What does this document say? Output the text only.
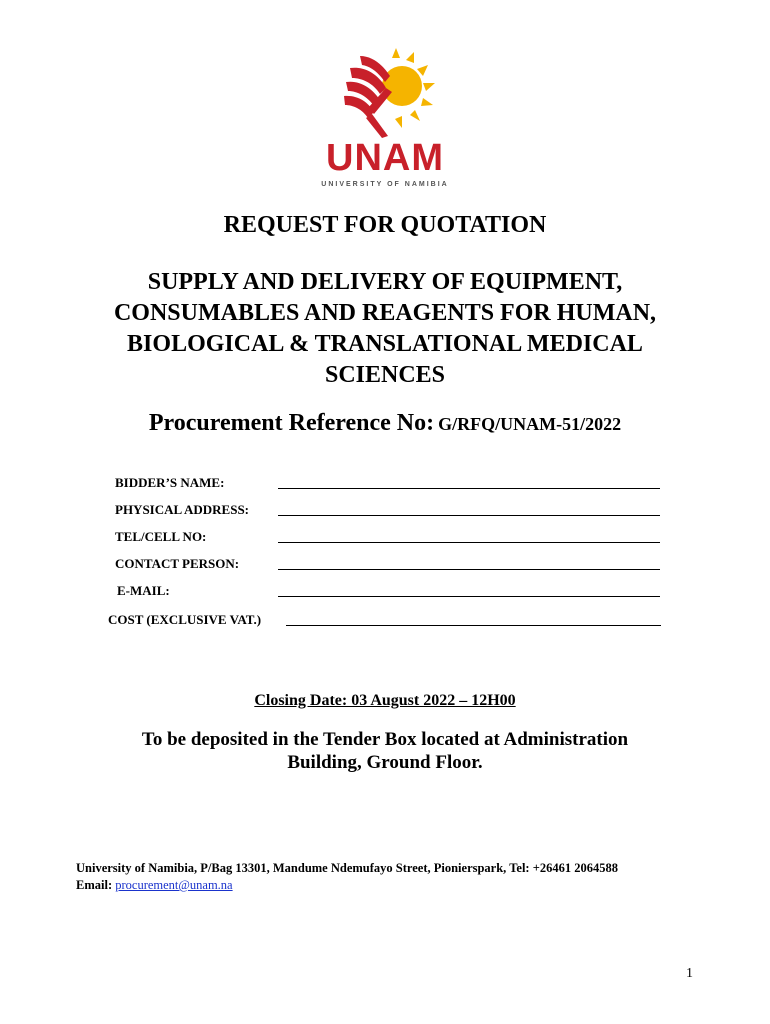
UNAM
UNIVERSITY OF NAMIBIA
REQUEST FOR QUOTATION
SUPPLY AND DELIVERY OF EQUIPMENT,
CONSUMABLES AND REAGENTS FOR HUMAN,
BIOLOGICAL & TRANSLATIONAL MEDICAL
SCIENCES
Procurement Reference No: G/RFQ/UNAM-51/2022
BIDDER’S NAME:
PHYSICAL ADDRESS:
TEL/CELL NO:
CONTACT PERSON:
E-MAIL:
COST (EXCLUSIVE VAT.)
Closing Date: 03 August 2022 – 12H00
To be deposited in the Tender Box located at Administration
Building, Ground Floor.
University of Namibia, P/Bag 13301, Mandume Ndemufayo Street, Pionierspark, Tel: +26461 2064588
Email: procurement@unam.na
1
